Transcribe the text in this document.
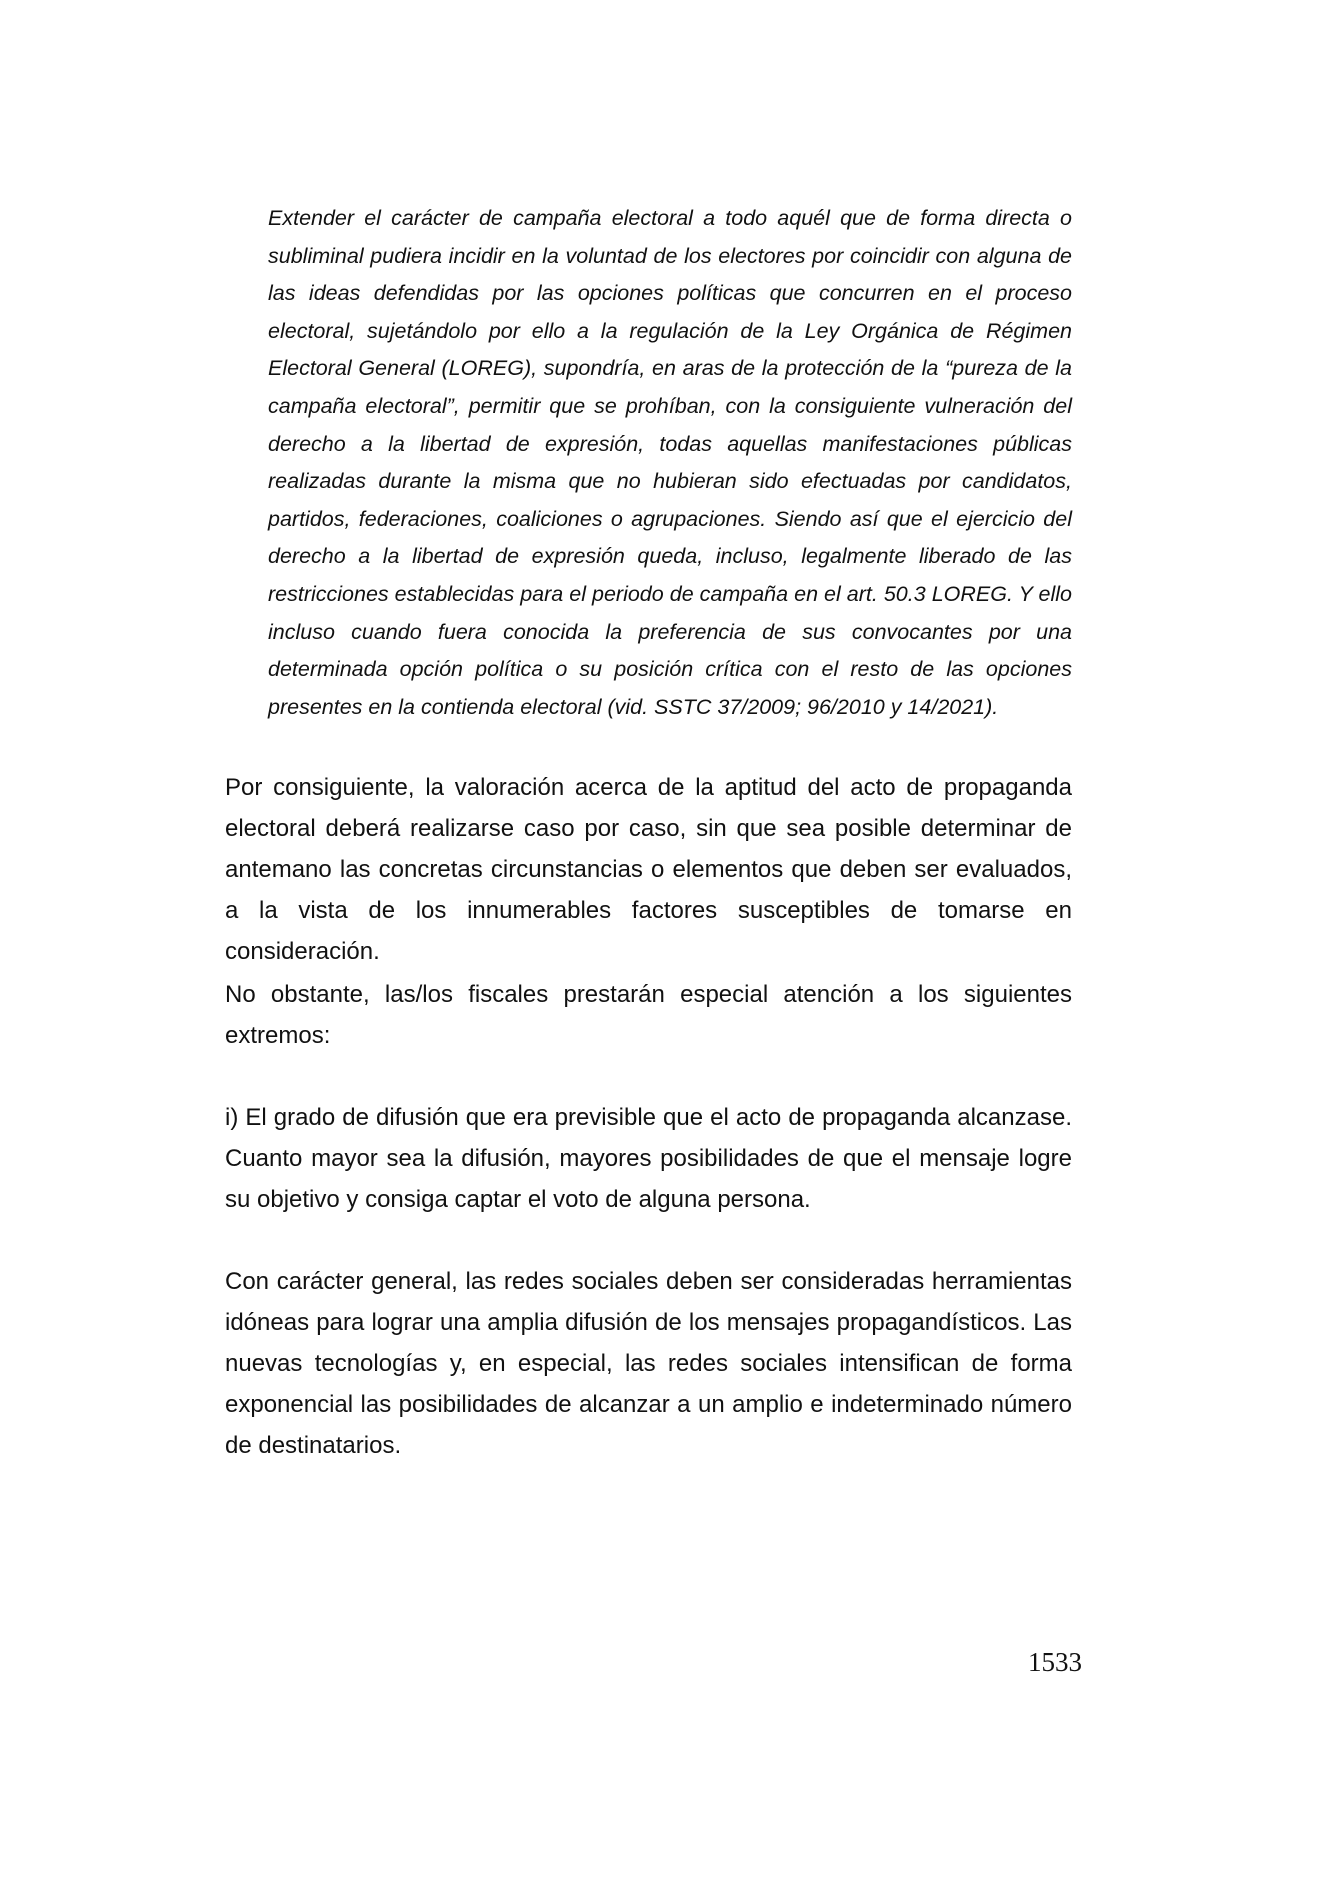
Extender el carácter de campaña electoral a todo aquél que de forma directa o subliminal pudiera incidir en la voluntad de los electores por coincidir con alguna de las ideas defendidas por las opciones políticas que concurren en el proceso electoral, sujetándolo por ello a la regulación de la Ley Orgánica de Régimen Electoral General (LOREG), supondría, en aras de la protección de la “pureza de la campaña electoral”, permitir que se prohíban, con la consiguiente vulneración del derecho a la libertad de expresión, todas aquellas manifestaciones públicas realizadas durante la misma que no hubieran sido efectuadas por candidatos, partidos, federaciones, coaliciones o agrupaciones. Siendo así que el ejercicio del derecho a la libertad de expresión queda, incluso, legalmente liberado de las restricciones establecidas para el periodo de campaña en el art. 50.3 LOREG. Y ello incluso cuando fuera conocida la preferencia de sus convocantes por una determinada opción política o su posición crítica con el resto de las opciones presentes en la contienda electoral (vid. SSTC 37/2009; 96/2010 y 14/2021).

Por consiguiente, la valoración acerca de la aptitud del acto de propaganda electoral deberá realizarse caso por caso, sin que sea posible determinar de antemano las concretas circunstancias o elementos que deben ser evaluados, a la vista de los innumerables factores susceptibles de tomarse en consideración.

No obstante, las/los fiscales prestarán especial atención a los siguientes extremos:

i) El grado de difusión que era previsible que el acto de propaganda alcanzase. Cuanto mayor sea la difusión, mayores posibilidades de que el mensaje logre su objetivo y consiga captar el voto de alguna persona.

Con carácter general, las redes sociales deben ser consideradas herramientas idóneas para lograr una amplia difusión de los mensajes propagandísticos. Las nuevas tecnologías y, en especial, las redes sociales intensifican de forma exponencial las posibilidades de alcanzar a un amplio e indeterminado número de destinatarios.

1533
